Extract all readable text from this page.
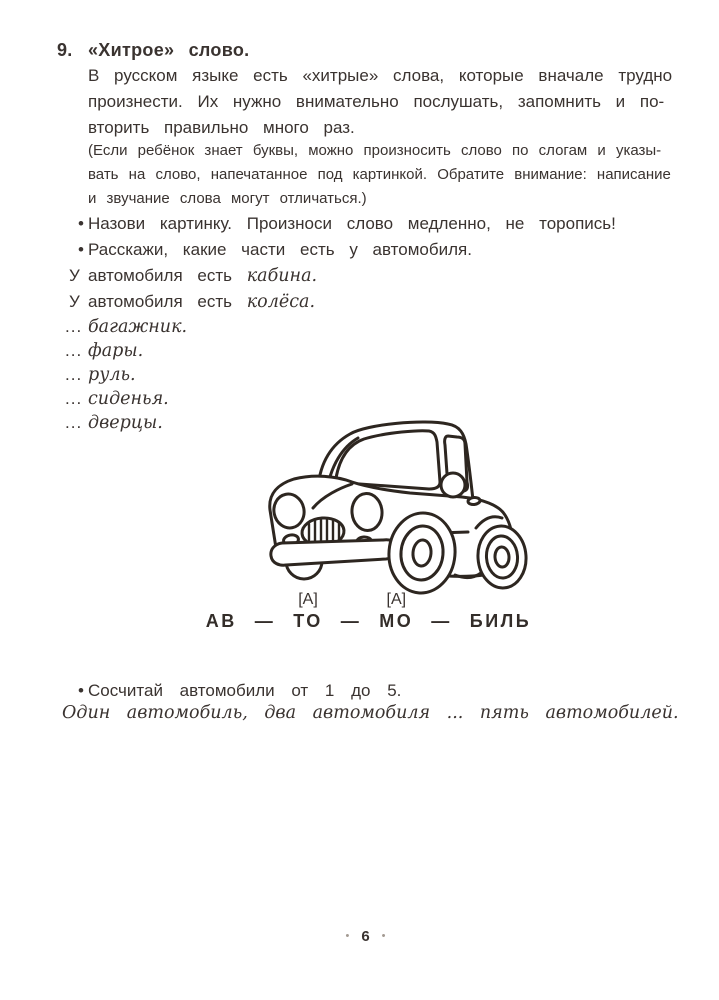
9. «Хитрое» слово.

В русском языке есть «хитрые» слова, которые вначале трудно
произнести. Их нужно внимательно послушать, запомнить и по-
вторить правильно много раз.

(Если ребёнок знает буквы, можно произносить слово по слогам и указы-
вать на слово, напечатанное под картинкой. Обратите внимание: написание
и звучание слова могут отличаться.)

• Назови картинку. Произноси слово медленно, не торопись!
• Расскажи, какие части есть у автомобиля.
У автомобиля есть кабина.
У автомобиля есть колёса.
... багажник.
... фары.
... руль.
... сиденья.
... дверцы.
АВ —
[А]
ТО —
[А]
МО — БИЛЬ
• Сосчитай автомобили от 1 до 5.
Один автомобиль, два автомобиля ... пять автомобилей.
• 6 •
